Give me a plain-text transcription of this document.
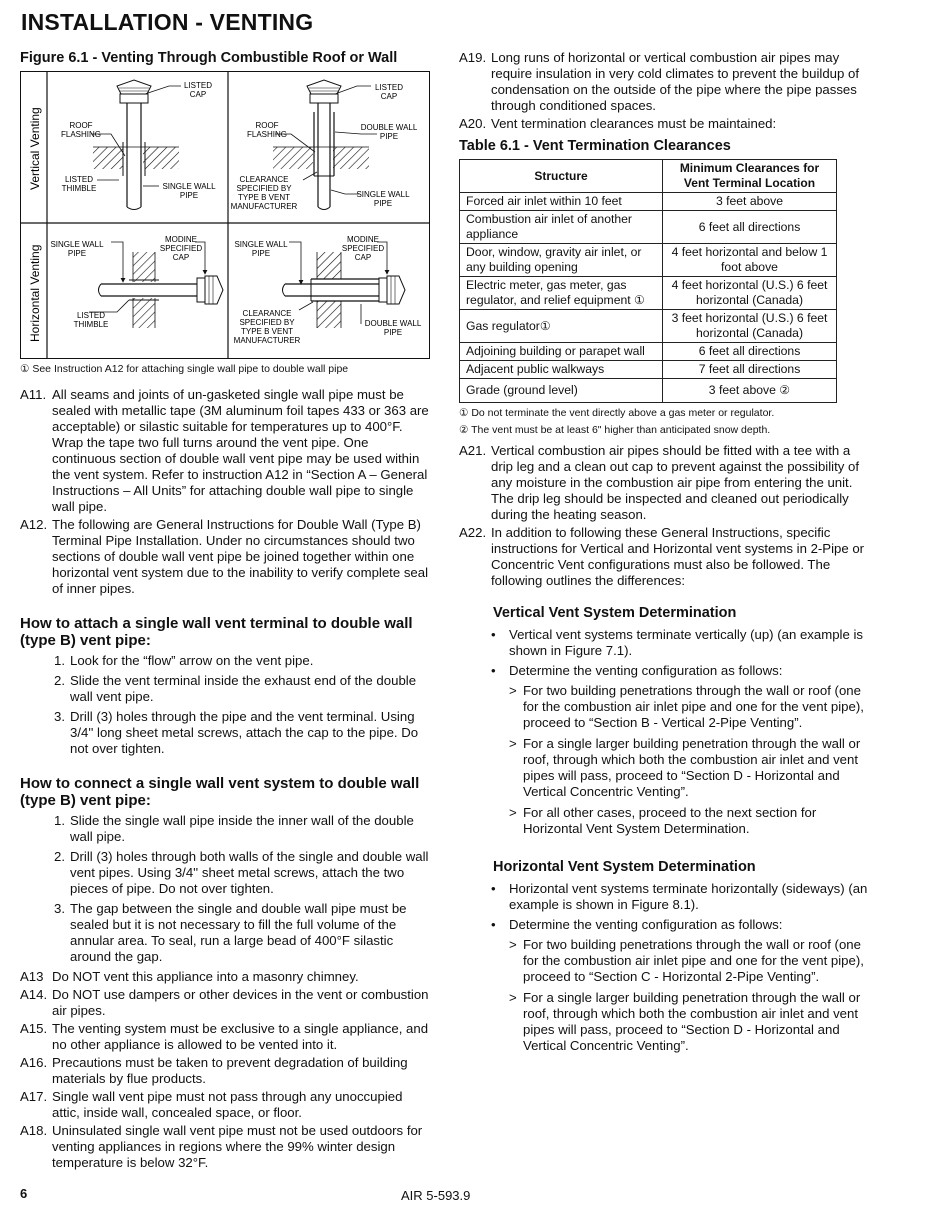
INSTALLATION - VENTING
Figure 6.1 - Venting Through Combustible Roof or Wall
Vertical Venting
Horizontal Venting
LISTED CAP
ROOF FLASHING
LISTED THIMBLE	SINGLE WALL PIPE
LISTED CAP
ROOF FLASHING
DOUBLE WALL PIPE
CLEARANCE SPECIFIED BY TYPE B VENT MANUFACTURER
SINGLE WALL PIPE
SINGLE WALL PIPE
MODINE SPECIFIED CAP
LISTED THIMBLE
SINGLE WALL PIPE
MODINE SPECIFIED CAP
CLEARANCE SPECIFIED BY TYPE B VENT MANUFACTURER
DOUBLE WALL PIPE
① See Instruction A12 for attaching single wall pipe to double wall pipe
A11. All seams and joints of un-gasketed single wall pipe must be sealed with metallic tape (3M aluminum foil tapes 433 or 363 are acceptable) or silastic suitable for temperatures up to 400°F. Wrap the tape two full turns around the vent pipe. One continuous section of double wall vent pipe may be used within the vent system. Refer to instruction A12 in “Section A – General Instructions – All Units” for attaching double wall pipe to single wall pipe.
A12. The following are General Instructions for Double Wall (Type B) Terminal Pipe Installation. Under no circumstances should two sections of double wall vent pipe be joined together within one horizontal vent system due to the inability to verify complete seal of inner pipes.
How to attach a single wall vent terminal to double wall (type B) vent pipe:
1. Look for the “flow” arrow on the vent pipe.
2. Slide the vent terminal inside the exhaust end of the double wall vent pipe.
3. Drill (3) holes through the pipe and the vent terminal. Using 3/4'' long sheet metal screws, attach the cap to the pipe. Do not over tighten.
How to connect a single wall vent system to double wall (type B) vent pipe:
1. Slide the single wall pipe inside the inner wall of the double wall pipe.
2. Drill (3) holes through both walls of the single and double wall vent pipes. Using 3/4'' sheet metal screws, attach the two pieces of pipe. Do not over tighten.
3. The gap between the single and double wall pipe must be sealed but it is not necessary to fill the full volume of the annular area. To seal, run a large bead of 400°F silastic around the gap.
A13 Do NOT vent this appliance into a masonry chimney.
A14. Do NOT use dampers or other devices in the vent or combustion air pipes.
A15. The venting system must be exclusive to a single appliance, and no other appliance is allowed to be vented into it.
A16. Precautions must be taken to prevent degradation of building materials by flue products.
A17. Single wall vent pipe must not pass through any unoccupied attic, inside wall, concealed space, or floor.
A18. Uninsulated single wall vent pipe must not be used outdoors for venting appliances in regions where the 99% winter design temperature is below 32°F.
A19. Long runs of horizontal or vertical combustion air pipes may require insulation in very cold climates to prevent the buildup of condensation on the outside of the pipe where the pipe passes through conditioned spaces.
A20. Vent termination clearances must be maintained:
Table 6.1 - Vent Termination Clearances
Structure	Minimum Clearances for Vent Terminal Location
Forced air inlet within 10 feet	3 feet above
Combustion air inlet of another appliance	6 feet all directions
Door, window, gravity air inlet, or any building opening	4 feet horizontal and below 1 foot above
Electric meter, gas meter, gas regulator, and relief equipment ①	4 feet horizontal (U.S.) 6 feet horizontal (Canada)
Gas regulator①	3 feet horizontal (U.S.) 6 feet horizontal (Canada)
Adjoining building or parapet wall	6 feet all directions
Adjacent public walkways	7 feet all directions
Grade (ground level)	3 feet above ②
① Do not terminate the vent directly above a gas meter or regulator.
② The vent must be at least 6" higher than anticipated snow depth.
A21. Vertical combustion air pipes should be fitted with a tee with a drip leg and a clean out cap to prevent against the possibility of any moisture in the combustion air pipe from entering the unit. The drip leg should be inspected and cleaned out periodically during the heating season.
A22. In addition to following these General Instructions, specific instructions for Vertical and Horizontal vent systems in 2-Pipe or Concentric Vent configurations must also be followed. The following outlines the differences:
Vertical Vent System Determination
•	Vertical vent systems terminate vertically (up) (an example is shown in Figure 7.1).
•	Determine the venting configuration as follows:
> For two building penetrations through the wall or roof (one for the combustion air inlet pipe and one for the vent pipe), proceed to “Section B - Vertical 2-Pipe Venting”.
> For a single larger building penetration through the wall or roof, through which both the combustion air inlet and vent pipes will pass, proceed to “Section D - Horizontal and Vertical Concentric Venting”.
> For all other cases, proceed to the next section for Horizontal Vent System Determination.
Horizontal Vent System Determination
•	Horizontal vent systems terminate horizontally (sideways) (an example is shown in Figure 8.1).
•	Determine the venting configuration as follows:
> For two building penetrations through the wall or roof (one for the combustion air inlet pipe and one for the vent pipe), proceed to “Section C - Horizontal 2-Pipe Venting”.
> For a single larger building penetration through the wall or roof, through which both the combustion air inlet and vent pipes will pass, proceed to “Section D - Horizontal and Vertical Concentric Venting”.
6	AIR 5-593.9
